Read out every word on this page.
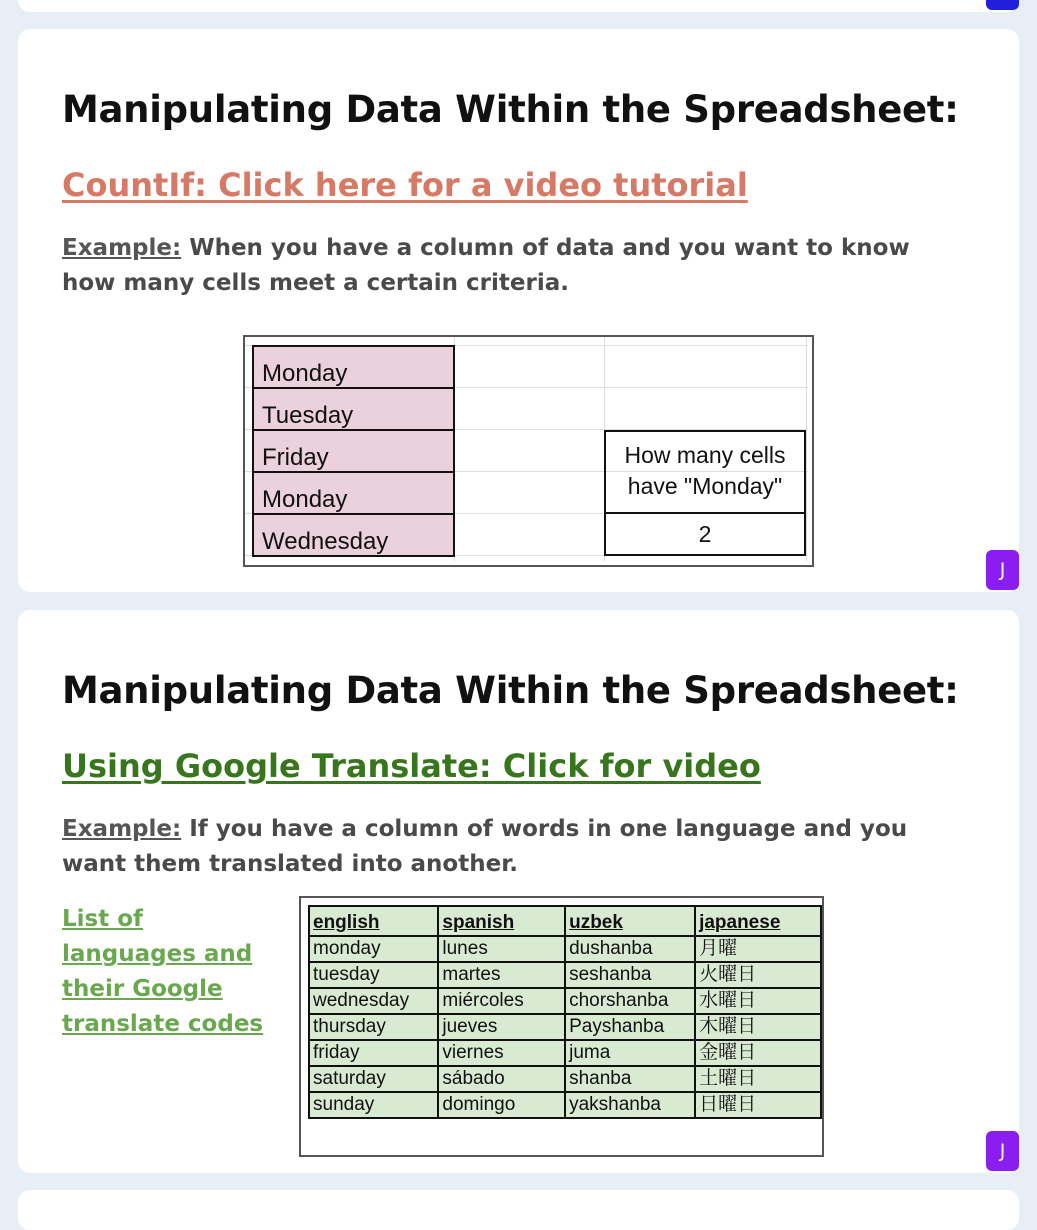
Manipulating Data Within the Spreadsheet:
CountIf: Click here for a video tutorial
Example: When you have a column of data and you want to know how many cells meet a certain criteria.
Monday
Tuesday
Friday
Monday
Wednesday
How many cells have "Monday"
2
J
Manipulating Data Within the Spreadsheet:
Using Google Translate: Click for video
Example: If you have a column of words in one language and you want them translated into another.
List of languages and their Google translate codes
english	spanish	uzbek	japanese
monday	lunes	dushanba	月曜
tuesday	martes	seshanba	火曜日
wednesday	miércoles	chorshanba	水曜日
thursday	jueves	Payshanba	木曜日
friday	viernes	juma	金曜日
saturday	sábado	shanba	土曜日
sunday	domingo	yakshanba	日曜日
J
